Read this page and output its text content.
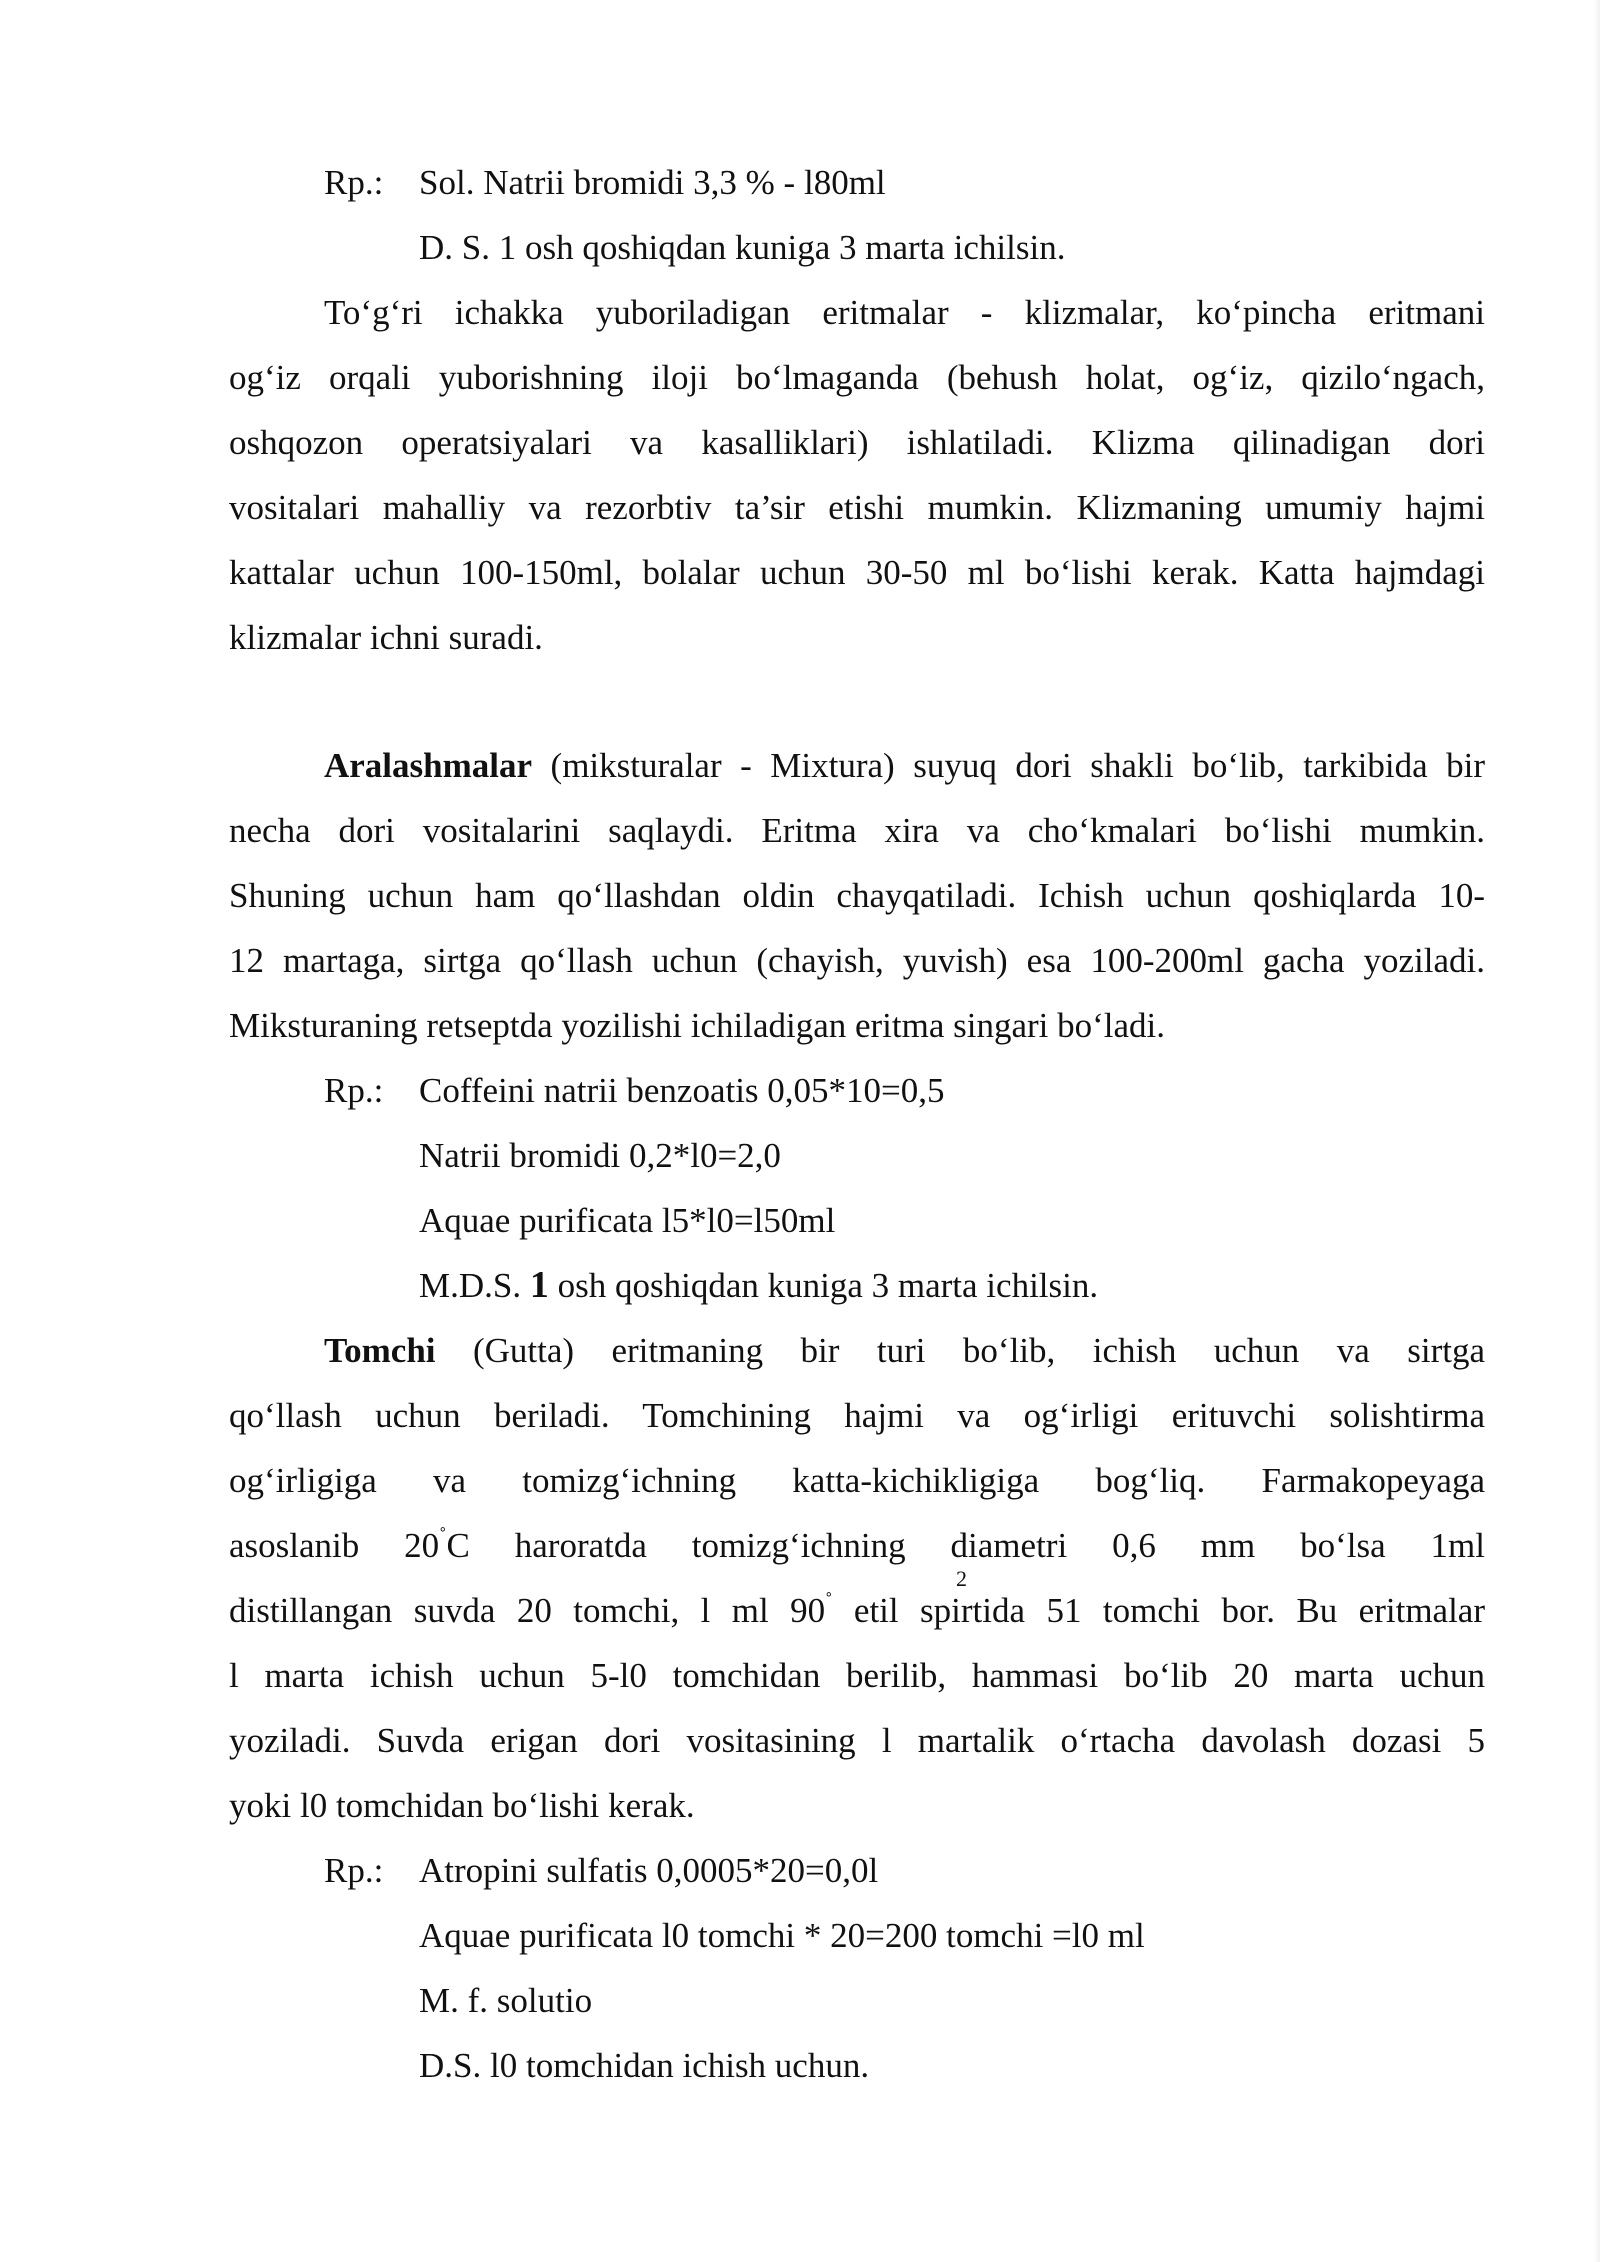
Rp.: Sol. Natrii bromidi 3,3 % - l80ml
D. S. 1 osh qoshiqdan kuniga 3 marta ichilsin.
To‘g‘ri ichakka yuboriladigan eritmalar - klizmalar, ko‘pincha eritmani
og‘iz orqali yuborishning iloji bo‘lmaganda (behush holat, og‘iz, qizilo‘ngach,
oshqozon operatsiyalari va kasalliklari) ishlatiladi. Klizma qilinadigan dori
vositalari mahalliy va rezorbtiv ta’sir etishi mumkin. Klizmaning umumiy hajmi
kattalar uchun 100-150ml, bolalar uchun 30-50 ml bo‘lishi kerak. Katta hajmdagi
klizmalar ichni suradi.
Aralashmalar (miksturalar - Mixtura) suyuq dori shakli bo‘lib, tarkibida bir
necha dori vositalarini saqlaydi. Eritma xira va cho‘kmalari bo‘lishi mumkin.
Shuning uchun ham qo‘llashdan oldin chayqatiladi. Ichish uchun qoshiqlarda 10-
12 martaga, sirtga qo‘llash uchun (chayish, yuvish) esa 100-200ml gacha yoziladi.
Miksturaning retseptda yozilishi ichiladigan eritma singari bo‘ladi.
Rp.: Coffeini natrii benzoatis 0,05*10=0,5
Natrii bromidi 0,2*l0=2,0
Aquae purificata l5*l0=l50ml
M.D.S. 1 osh qoshiqdan kuniga 3 marta ichilsin.
Tomchi (Gutta) eritmaning bir turi bo‘lib, ichish uchun va sirtga
qo‘llash uchun beriladi. Tomchining hajmi va og‘irligi erituvchi solishtirma
og‘irligiga va tomizg‘ichning katta-kichikligiga bog‘liq. Farmakopeyaga
asoslanib 20˚C haroratda tomizg‘ichning diametri 0,6 mm bo‘lsa 1ml
distillangan suvda 20 tomchi, l ml 90˚ etil spirtida 51 tomchi bor. Bu eritmalar
l marta ichish uchun 5-l0 tomchidan berilib, hammasi bo‘lib 20 marta uchun
yoziladi. Suvda erigan dori vositasining l martalik o‘rtacha davolash dozasi 5
yoki l0 tomchidan bo‘lishi kerak.
Rp.: Atropini sulfatis 0,0005*20=0,0l
Aquae purificata l0 tomchi * 20=200 tomchi =l0 ml
M. f. solutio
D.S. l0 tomchidan ichish uchun.
2
